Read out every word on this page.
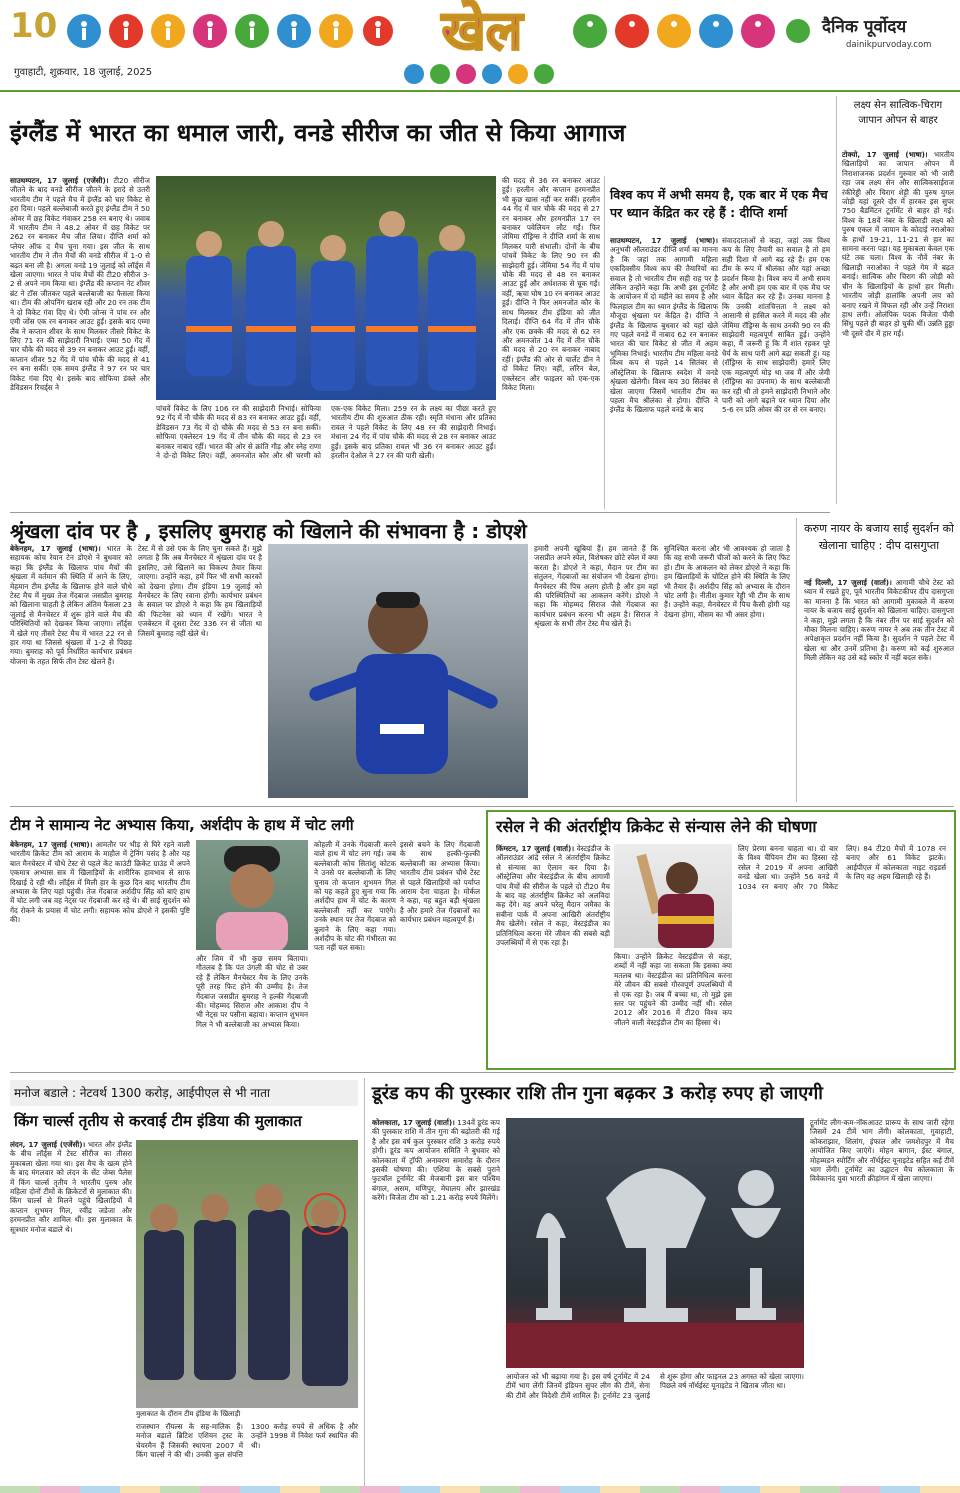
10
गुवाहाटी, शुक्रवार, 18 जुलाई, 2025
खेल	दैनिक पूर्वोदय
dainikpurvoday.com
इंग्लैंड में भारत का धमाल जारी, वनडे सीरीज का जीत से किया आगाज
साउथम्पटन, 17 जुलाई (एजेंसी)। टी20 सीरीज जीतने के बाद वनडे सीरीज जीतने के इरादे से उतरी भारतीय टीम ने पहले मैच में इंग्लैंड को चार विकेट से हरा दिया। पहले बल्लेबाजी करते हुए इंग्लैंड टीम ने 50 ओवर में छह विकेट गंवाकर 258 रन बनाए थे। जवाब में भारतीय टीम ने 48.2 ओवर में छह विकेट पर 262 रन बनाकर मैच जीत लिया। दीप्ति शर्मा को प्लेयर ऑफ द मैच चुना गया। इस जीत के साथ भारतीय टीम ने तीन मैचों की वनडे सीरीज में 1-0 से बढ़त बना ली है। अगला वनडे 19 जुलाई को लॉर्ड्स में खेला जाएगा। भारत ने पांच मैचों की टी20 सीरीज 3-2 से अपने नाम किया था। इंग्लैंड की कप्तान नेट शीवर ब्रंट ने टॉस जीतकर पहले बल्लेबाजी का फैसला किया था। टीम की ओपनिंग खराब रही और 20 रन तक टीम ने दो विकेट गंवा दिए थे। ऐमी जोन्स ने पांच रन और एमी जोंस एक रन बनाकर आउट हुईं। इसके बाद एम्मा लैंब ने कप्तान शीवर के साथ मिलकर तीसरे विकेट के लिए 71 रन की साझेदारी निभाई। एम्मा 50 गेंद में चार चौके की मदद से 39 रन बनाकर आउट हुईं। वहीं, कप्तान शीवर 52 गेंद में पांच चौके की मदद से 41 रन बना सकीं। एक समय इंग्लैंड ने 97 रन पर चार विकेट गंवा दिए थे। इसके बाद सोफिया डंक्ले और डेविडसन रिचर्ड्स ने
पांचवें विकेट के लिए 106 रन की साझेदारी निभाई। सोफिया 92 गेंद में नौ चौके की मदद से 83 रन बनाकर आउट हुईं। वहीं, डेविडसन 73 गेंद में दो चौके की मदद से 53 रन बना सकीं। सोफिया एक्लेस्टन 19 गेंद में तीन चौके की मदद से 23 रन बनाकर नाबाद रहीं। भारत की ओर से क्रांति गौड़ और स्नेह राणा ने दो-दो विकेट लिए। वहीं, अमनजोत कौर और श्री चरणी को एक-एक विकेट मिला। 259 रन के लक्ष्य का पीछा करते हुए भारतीय टीम की शुरुआत ठीक रही। स्मृति मंधाना और प्रतिका रावल ने पहले विकेट के लिए 48 रन की साझेदारी निभाई। मंधाना 24 गेंद में पांच चौके की मदद से 28 रन बनाकर आउट हुईं। इसके बाद प्रतिका रावल भी 36 रन बनाकर आउट हुईं। हरलीन देओल ने 27 रन की पारी खेली।
की मदद से 36 रन बनाकर आउट हुईं। हरलीन और कप्तान हरमनप्रीत भी कुछ खास नहीं कर सकीं। हरलीन 44 गेंद में चार चौके की मदद से 27 रन बनाकर और हरमनप्रीत 17 रन बनाकर पवेलियन लौट गईं। फिर जेमिमा रॉड्रिग्स ने दीप्ति शर्मा के साथ मिलकर पारी संभाली। दोनों के बीच पांचवें विकेट के लिए 90 रन की साझेदारी हुई। जेमिमा 54 गेंद में पांच चौके की मदद से 48 रन बनाकर आउट हुईं और अर्धशतक से चूक गईं। वहीं, ऋचा घोष 10 रन बनाकर आउट हुईं। दीप्ति ने फिर अमनजोत कौर के साथ मिलकर टीम इंडिया को जीत दिलाई। दीप्ति 64 गेंद में तीन चौके और एक छक्के की मदद से 62 रन और अमनजोत 14 गेंद में तीन चौके की मदद से 20 रन बनाकर नाबाद रहीं। इंग्लैंड की ओर से चार्लेट डीन ने दो विकेट लिए। वहीं, लॉरेन बेल, एक्लेस्टन और फाइलर को एक-एक विकेट मिला।
विश्व कप में अभी समय है, एक बार में एक मैच पर ध्यान केंद्रित कर रहे हैं : दीप्ति शर्मा
साउथम्पटन, 17 जुलाई (भाषा)। अनुभवी ऑलराउंडर दीप्ति शर्मा का मानना है कि जहां तक आगामी महिला एकदिवसीय विश्व कप की तैयारियों का सवाल है तो भारतीय टीम सही राह पर है लेकिन उन्होंने कहा कि अभी इस टूर्नामेंट के आयोजन में दो महीने का समय है और फिलहाल टीम का ध्यान इंग्लैंड के खिलाफ मौजूदा श्रृंखला पर केंद्रित है। दीप्ति ने इंग्लैंड के खिलाफ बुधवार को यहां खेले गए पहले वनडे में नाबाद 62 रन बनाकर भारत की चार विकेट से जीत में अहम भूमिका निभाई। भारतीय टीम महिला वनडे विश्व कप से पहले 14 सितंबर से ऑस्ट्रेलिया के खिलाफ स्वदेश में वनडे श्रृंखला खेलेगी। विश्व कप 30 सितंबर से खेला जाएगा जिसमें भारतीय टीम का पहला मैच श्रीलंका से होगा। दीप्ति ने इंग्लैंड के खिलाफ पहले वनडे के बाद
संवाददाताओं से कहा, जहां तक विश्व कप के लिए तैयारी का सवाल है तो हम सही दिशा में आगे बढ़ रहे हैं। हम एक टीम के रूप में श्रीलंका और यहां अच्छा प्रदर्शन किया है। विश्व कप में अभी समय है और अभी हम एक बार में एक मैच पर ध्यान केंद्रित कर रहे हैं। उनका मानना है कि उनकी शांतचित्तता ने लक्ष्य को आसानी से हासिल करने में मदद की और जेमिमा रॉड्रिग्स के साथ उनकी 90 रन की साझेदारी महत्वपूर्ण साबित हुई। उन्होंने कहा, मैं जरूरी हूं कि मैं शांत रहकर पूरे धैर्य के साथ पारी आगे बढ़ा सकती हूं। यह (रॉड्रिग्स के साथ साझेदारी) हमारे लिए एक महत्वपूर्ण मोड़ था जब मैं और जेमी (रॉड्रिग्स का उपनाम) के साथ बल्लेबाजी कर रही थी तो हमने साझेदारी निभाने और पारी को आगे बढ़ाने पर ध्यान दिया और 5-6 रन प्रति ओवर की दर से रन बनाए।
लक्ष्य सेन सात्विक-चिराग जापान ओपन से बाहर
टोक्यो, 17 जुलाई (भाषा)। भारतीय खिलाड़ियों का जापान ओपन में निराशाजनक प्रदर्शन गुरुवार को भी जारी रहा जब लक्ष्य सेन और सात्विकसाईराज रंकीरेड्डी और चिराग शेट्टी की पुरुष युगल जोड़ी यहां दूसरे दौर में हारकर इस सुपर 750 बैडमिंटन टूर्नामेंट से बाहर हो गई। विश्व के 18वें नंबर के खिलाड़ी लक्ष्य को पुरुष एकल में जापान के कोदाई नराओका के हाथों 19-21, 11-21 से हार का सामना करना पड़ा। यह मुकाबला केवल एक घंटे तक चला। विश्व के नौवें नंबर के खिलाड़ी नराओका ने पहले गेम में बढ़त बनाई। सात्विक और चिराग की जोड़ी को चीन के खिलाड़ियों के हाथों हार मिली। भारतीय जोड़ी हालांकि अपनी लय को बनाए रखने में विफल रही और उन्हें निराशा हाथ लगी। ओलंपिक पदक विजेता पीवी सिंधु पहले ही बाहर हो चुकी थीं। उन्नति हुड्डा भी दूसरे दौर में हार गईं।
श्रृंखला दांव पर है , इसलिए बुमराह को खिलाने की संभावना है : डोएशे
बेकेनहम, 17 जुलाई (भाषा)। भारत के सहायक कोच रेयान टेन डोएशे ने बुधवार को कहा कि इंग्लैंड के खिलाफ पांच मैचों की श्रृंखला में वर्तमान की स्थिति में आने के लिए, मेहमान टीम इंग्लैंड के खिलाफ होने वाले चौथे टेस्ट मैच में मुख्य तेज गेंदबाज जसप्रीत बुमराह को खिलाना चाहती है लेकिन अंतिम फैसला 23 जुलाई से मैनचेस्टर में शुरू होने वाले मैच की परिस्थितियों को देखकर किया जाएगा। लॉर्ड्स में खेले गए तीसरे टेस्ट मैच में भारत 22 रन से हार गया था जिससे श्रृंखला में 1-2 से पिछड़ गया। बुमराह को पूर्व निर्धारित कार्यभार प्रबंधन योजना के तहत सिर्फ तीन टेस्ट खेलने हैं।
टेस्ट में से उसे एक के लिए चुना सकते हैं। मुझे लगता है कि अब मैनचेस्टर में श्रृंखला दांव पर है इसलिए, उसे खिलाने का विकल्प तैयार किया जाएगा। उन्होंने कहा, हमें फिर भी सभी कारकों को देखना होगा। टीम इंडिया 19 जुलाई को मैनचेस्टर के लिए रवाना होगी। कार्यभार प्रबंधन के सवाल पर डोएशे ने कहा कि हम खिलाड़ियों की फिटनेस को ध्यान में रखेंगे। भारत ने एजबेस्टन में दूसरा टेस्ट 336 रन से जीता था जिसमें बुमराह नहीं खेले थे।
हमारी अपनी खूबियां हैं। हम जानते हैं कि जसप्रीत अपने स्पेल, विशेषकर छोटे स्पेल में क्या करता है। डोएशे ने कहा, मैदान पर टीम का संतुलन, गेंदबाजों का संयोजन भी देखना होगा। मैनचेस्टर की पिच अलग होती है और हम वहां की परिस्थितियों का आकलन करेंगे। डोएशे ने कहा कि मोहम्मद सिराज जैसे गेंदबाज का कार्यभार प्रबंधन करना भी अहम है। सिराज ने श्रृंखला के सभी तीन टेस्ट मैच खेले हैं।
सुनिश्चित करना और भी आवश्यक हो जाता है कि वह सभी जरूरी चीजों को करने के लिए फिट हो। टीम के आकलन को लेकर डोएशे ने कहा कि हम खिलाड़ियों के चोटिल होने की स्थिति के लिए भी तैयार हैं। अर्शदीप सिंह को अभ्यास के दौरान चोट लगी है। नीतीश कुमार रेड्डी भी टीम के साथ हैं। उन्होंने कहा, मैनचेस्टर में पिच कैसी होगी यह देखना होगा, मौसम का भी असर होगा।
करुण नायर के बजाय साई सुदर्शन को खेलाना चाहिए : दीप दासगुप्ता
नई दिल्ली, 17 जुलाई (वार्ता)। आगामी चौथे टेस्ट को ध्यान में रखते हुए, पूर्व भारतीय विकेटकीपर दीप दासगुप्ता का मानना है कि भारत को आगामी मुकाबले में करुण नायर के बजाय साई सुदर्शन को खिलाना चाहिए। दासगुप्ता ने कहा, मुझे लगता है कि नंबर तीन पर साई सुदर्शन को मौका मिलना चाहिए। करुण नायर ने अब तक तीन टेस्ट में अपेक्षाकृत प्रदर्शन नहीं किया है। सुदर्शन ने पहले टेस्ट में खेला था और उनमें प्रतिभा है। करुण को कई शुरुआत मिली लेकिन वह उसे बड़े स्कोर में नहीं बदल सके।
टीम ने सामान्य नेट अभ्यास किया, अर्शदीप के हाथ में चोट लगी
बेकेनहम, 17 जुलाई (भाषा)। आमतौर पर भीड़ से घिरे रहने वाली भारतीय क्रिकेट टीम को आराम के माहौल में ट्रेनिंग पसंद है और यह बात मैनचेस्टर में चौथे टेस्ट से पहले केंट काउंटी क्रिकेट ग्राउंड में अपने एकमात्र अभ्यास सत्र में खिलाड़ियों के शारीरिक हावभाव से साफ दिखाई दे रही थी। लॉर्ड्स में मिली हार के कुछ दिन बाद भारतीय टीम अभ्यास के लिए यहां पहुंची। तेज गेंदबाज अर्शदीप सिंह को बाएं हाथ में चोट लगी जब वह नेट्स पर गेंदबाजी कर रहे थे। बी साई सुदर्शन को गेंद रोकने के प्रयास में चोट लगी। सहायक कोच डोएशे ने इसकी पुष्टि की।
और जिम में भी कुछ समय बिताया। गौतलब है कि पंत उंगली की चोट से उबर रहे हैं लेकिन मैनचेस्टर मैच के लिए उनके पूरी तरह फिट होने की उम्मीद है। तेज गेंदबाज जसप्रीत बुमराह ने हल्की गेंदबाजी की। मोहम्मद सिराज और आकाश दीप ने भी नेट्स पर पसीना बहाया। कप्तान शुभमन गिल ने भी बल्लेबाजी का अभ्यास किया।
कोहली में उनके गेंदबाजी करने वाले हाथ में चोट लग गई। जब बल्लेबाजी कोच सितांशु कोटक ने उनसे पर बल्लेबाजी के लिए चुनाव तो कप्तान शुभमन गिल को यह कहते हुए सुना गया कि अर्शदीप हाथ में चोट के कारण बल्लेबाजी नहीं कर पाएंगे। उनके स्थान पर तेज गेंदबाज को बुलाने के लिए कहा गया। अर्शदीप के चोट की गंभीरता का पता नहीं चल सका।
इससे बचने के लिए गेंदबाजी के साथ हल्की-फुल्की बल्लेबाजी का अभ्यास किया। भारतीय टीम प्रबंधन चौथे टेस्ट से पहले खिलाड़ियों को पर्याप्त आराम देना चाहता है। मोर्कल ने कहा, यह बहुत बड़ी श्रृंखला है और हमारे तेज गेंदबाजों का कार्यभार प्रबंधन महत्वपूर्ण है।
रसेल ने की अंतर्राष्ट्रीय क्रिकेट से संन्यास लेने की घोषणा
किंग्स्टन, 17 जुलाई (वार्ता)। वेस्टइंडीज के ऑलराउंडर आंद्रे रसेल ने अंतर्राष्ट्रीय क्रिकेट से संन्यास का ऐलान कर दिया है। ऑस्ट्रेलिया और वेस्टइंडीज के बीच आगामी पांच मैचों की सीरीज के पहले दो टी20 मैच के बाद वह अंतर्राष्ट्रीय क्रिकेट को अलविदा कह देंगे। वह अपने घरेलू मैदान जमैका के सबीना पार्क में अपना आखिरी अंतर्राष्ट्रीय मैच खेलेंगे। रसेल ने कहा, वेस्टइंडीज का प्रतिनिधित्व करना मेरे जीवन की सबसे बड़ी उपलब्धियों में से एक रहा है।
किया। उन्होंने क्रिकेट वेस्टइंडीज से कहा, शब्दों में नहीं कहा जा सकता कि इसका क्या मतलब था। वेस्टइंडीज का प्रतिनिधित्व करना मेरे जीवन की सबसे गौरवपूर्ण उपलब्धियों में से एक रहा है। जब मैं बच्चा था, तो मुझे इस स्तर पर पहुंचने की उम्मीद नहीं थी। रसेल 2012 और 2016 में टी20 विश्व कप जीतने वाली वेस्टइंडीज टीम का हिस्सा थे।
लिए प्रेरणा बनना चाहता था। दो बार के विश्व चैंपियन टीम का हिस्सा रहे रसेल ने 2019 में अपना आखिरी वनडे खेला था। उन्होंने 56 वनडे में 1034 रन बनाए और 70 विकेट लिए। 84 टी20 मैचों में 1078 रन बनाए और 61 विकेट झटके। आईपीएल में कोलकाता नाइट राइडर्स के लिए वह अहम खिलाड़ी रहे हैं।
मनोज बडाले : नेटवर्थ 1300 करोड़, आईपीएल से भी नाता
किंग चार्ल्स तृतीय से करवाई टीम इंडिया की मुलाकात
लंदन, 17 जुलाई (एजेंसी)। भारत और इंग्लैंड के बीच लॉर्ड्स में टेस्ट सीरीज का तीसरा मुकाबला खेला गया था। इस मैच के खत्म होने के बाद मंगलवार को लंदन के सेंट जेम्स पैलेस में किंग चार्ल्स तृतीय ने भारतीय पुरुष और महिला दोनों टीमों के क्रिकेटरों से मुलाकात की। किंग चार्ल्स से मिलने पहुंचे खिलाड़ियों में कप्तान शुभमन गिल, रवींद्र जडेजा और हरमनप्रीत कौर शामिल थीं। इस मुलाकात के सूत्रधार मनोज बडाले थे।
मुलाकात के दौरान टीम इंडिया के खिलाड़ी
राजस्थान रॉयल्स के सह-मालिक हैं। मनोज बडाले ब्रिटिश एशियन ट्रस्ट के चेयरमैन हैं जिसकी स्थापना 2007 में किंग चार्ल्स ने की थी। उनकी कुल संपत्ति 1300 करोड़ रुपये से अधिक है और उन्होंने 1998 में निवेश फर्म स्थापित की थी।
डूरंड कप की पुरस्कार राशि तीन गुना बढ़कर 3 करोड़ रुपए हो जाएगी
कोलकाता, 17 जुलाई (वार्ता)। 134वें डूरंड कप की पुरस्कार राशि में तीन गुना की बढ़ोतरी की गई है और इस वर्ष कुल पुरस्कार राशि 3 करोड़ रुपये होगी। डूरंड कप आयोजन समिति ने बुधवार को कोलकाता में ट्रॉफी अनावरण समारोह के दौरान इसकी घोषणा की। एशिया के सबसे पुराने फुटबॉल टूर्नामेंट की मेजबानी इस बार पश्चिम बंगाल, असम, मणिपुर, मेघालय और झारखंड करेंगे। विजेता टीम को 1.21 करोड़ रुपये मिलेंगे।
आयोजन को भी बढ़ाया गया है। इस वर्ष टूर्नामेंट में 24 टीमें भाग लेंगी जिनमें इंडियन सुपर लीग की टीमें, सेना की टीमें और विदेशी टीमें शामिल हैं। टूर्नामेंट 23 जुलाई से शुरू होगा और फाइनल 23 अगस्त को खेला जाएगा। पिछले वर्ष नॉर्थईस्ट यूनाइटेड ने खिताब जीता था।
टूर्नामेंट लीग-कम-नॉकआउट प्रारूप के साथ जारी रहेगा जिसमें 24 टीमें भाग लेंगी। कोलकाता, गुवाहाटी, कोकराझार, शिलांग, इंफाल और जमशेदपुर में मैच आयोजित किए जाएंगे। मोहन बागान, ईस्ट बंगाल, मोहम्मडन स्पोर्टिंग और नॉर्थईस्ट यूनाइटेड सहित कई टीमें भाग लेंगी। टूर्नामेंट का उद्घाटन मैच कोलकाता के विवेकानंद युवा भारती क्रीड़ांगन में खेला जाएगा।
